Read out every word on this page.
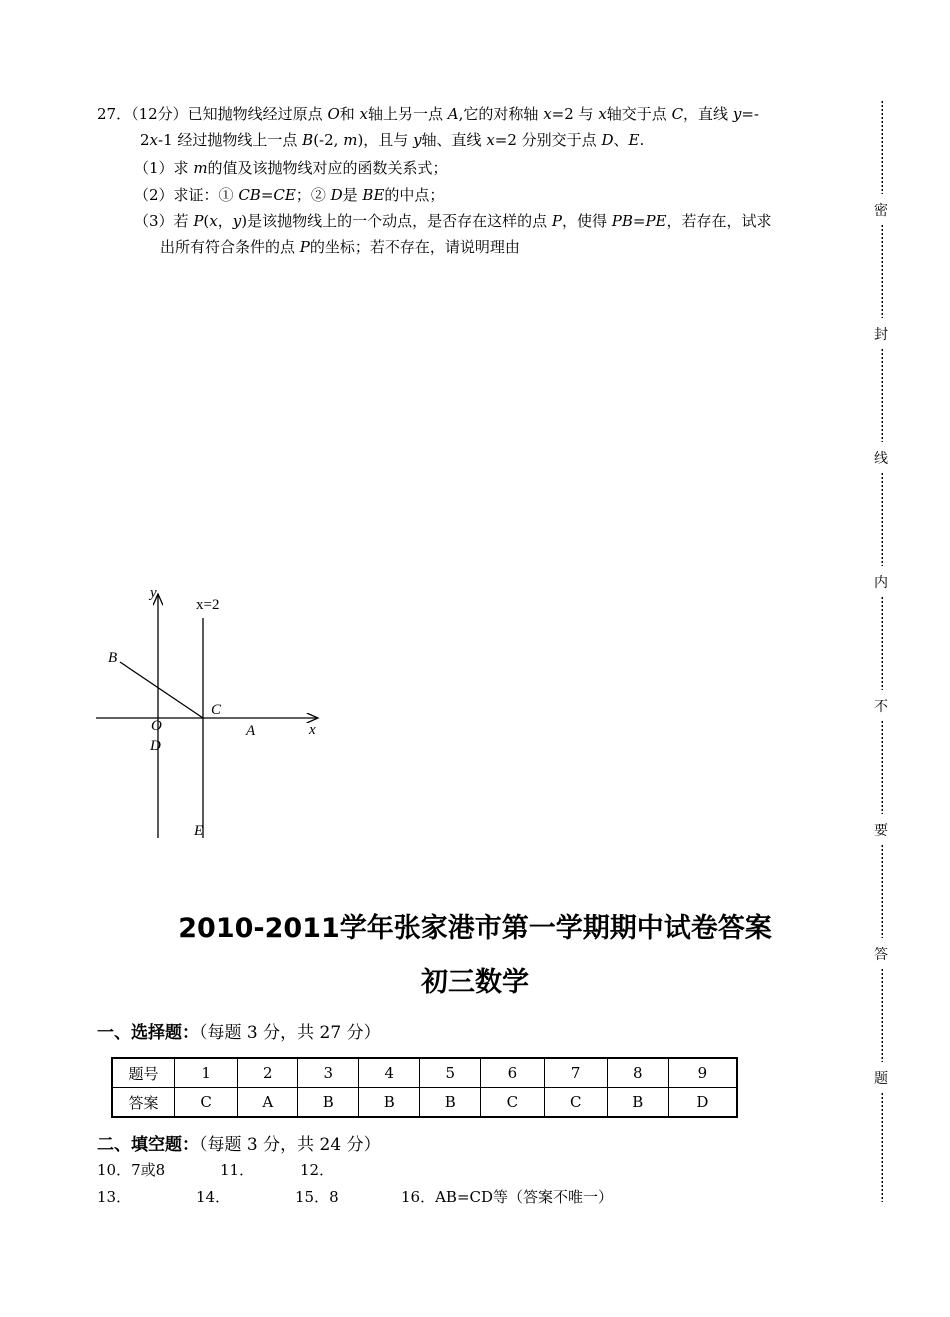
27．（12分）已知抛物线经过原点 O和 x轴上另一点 A,它的对称轴 x=2 与 x轴交于点 C，直线 y=-
2x-1 经过抛物线上一点 B(-2, m)，且与 y轴、直线 x=2 分别交于点 D、E.
（1）求 m的值及该抛物线对应的函数关系式；
（2）求证：① CB=CE；② D是 BE的中点；
（3）若 P(x，y)是该抛物线上的一个动点，是否存在这样的点 P，使得 PB=PE，若存在，试求
出所有符合条件的点 P的坐标；若不存在，请说明理由
y
x=2
B
C
O	A	x
D
E
2010-2011学年张家港市第一学期期中试卷答案
初三数学
一、选择题：（每题 3 分，共 27 分）
题号	1	2	3	4	5	6	7	8	9
答案	C	A	B	B	B	C	C	B	D
二、填空题：（每题 3 分，共 24 分）
10．7或8	11．	12．
13．	14．	15．8	16．AB=CD等（答案不唯一）
密
封
线
内
不
要
答
题
